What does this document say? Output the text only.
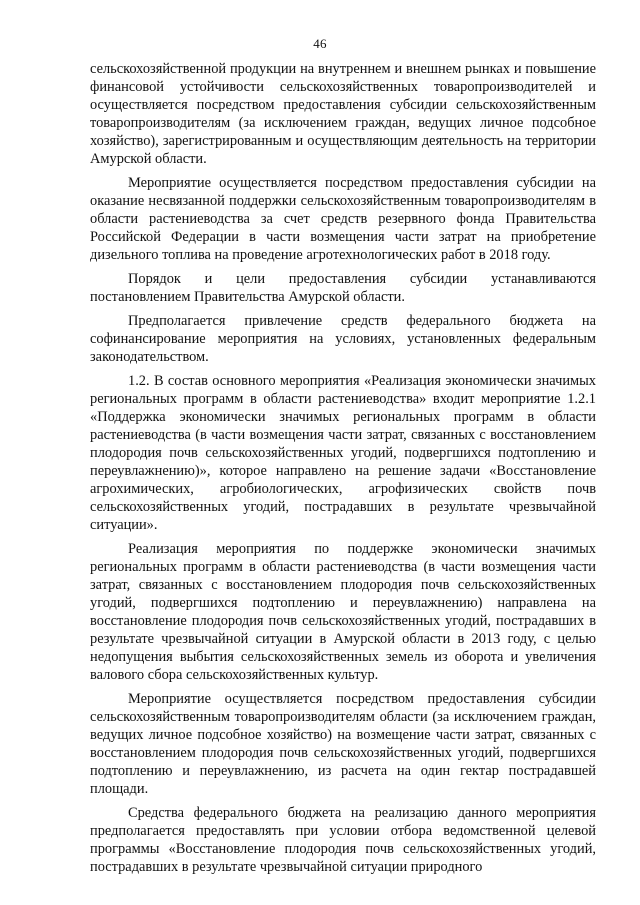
46

сельскохозяйственной продукции на внутреннем и внешнем рынках и повышение финансовой устойчивости сельскохозяйственных товаропроизводителей и осуществляется посредством предоставления субсидии сельскохозяйственным товаропроизводителям (за исключением граждан, ведущих личное подсобное хозяйство), зарегистрированным и осуществляющим деятельность на территории Амурской области.

Мероприятие осуществляется посредством предоставления субсидии на оказание несвязанной поддержки сельскохозяйственным товаропроизводителям в области растениеводства за счет средств резервного фонда Правительства Российской Федерации в части возмещения части затрат на приобретение дизельного топлива на проведение агротехнологических работ в 2018 году.

Порядок и цели предоставления субсидии устанавливаются постановлением Правительства Амурской области.

Предполагается привлечение средств федерального бюджета на софинансирование мероприятия на условиях, установленных федеральным законодательством.

1.2. В состав основного мероприятия «Реализация экономически значимых региональных программ в области растениеводства» входит мероприятие 1.2.1 «Поддержка экономически значимых региональных программ в области растениеводства (в части возмещения части затрат, связанных с восстановлением плодородия почв сельскохозяйственных угодий, подвергшихся подтоплению и переувлажнению)», которое направлено на решение задачи «Восстановление агрохимических, агробиологических, агрофизических свойств почв сельскохозяйственных угодий, пострадавших в результате чрезвычайной ситуации».

Реализация мероприятия по поддержке экономически значимых региональных программ в области растениеводства (в части возмещения части затрат, связанных с восстановлением плодородия почв сельскохозяйственных угодий, подвергшихся подтоплению и переувлажнению) направлена на восстановление плодородия почв сельскохозяйственных угодий, пострадавших в результате чрезвычайной ситуации в Амурской области в 2013 году, с целью недопущения выбытия сельскохозяйственных земель из оборота и увеличения валового сбора сельскохозяйственных культур.

Мероприятие осуществляется посредством предоставления субсидии сельскохозяйственным товаропроизводителям области (за исключением граждан, ведущих личное подсобное хозяйство) на возмещение части затрат, связанных с восстановлением плодородия почв сельскохозяйственных угодий, подвергшихся подтоплению и переувлажнению, из расчета на один гектар пострадавшей площади.

Средства федерального бюджета на реализацию данного мероприятия предполагается предоставлять при условии отбора ведомственной целевой программы «Восстановление плодородия почв сельскохозяйственных угодий, пострадавших в результате чрезвычайной ситуации природного
